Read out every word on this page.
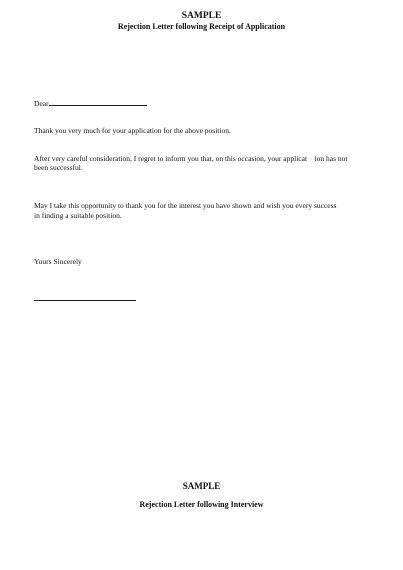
SAMPLE
Rejection Letter following Receipt of Application
Dear
Thank you very much for your application for the above position.
After very careful consideration, I regret to inform you that, on this occasion, your applicat    ion has not
been successful.
May I take this opportunity to thank you for the interest you have shown and wish you every success
in finding a suitable position.
Yours Sincerely
SAMPLE
Rejection Letter following Interview
